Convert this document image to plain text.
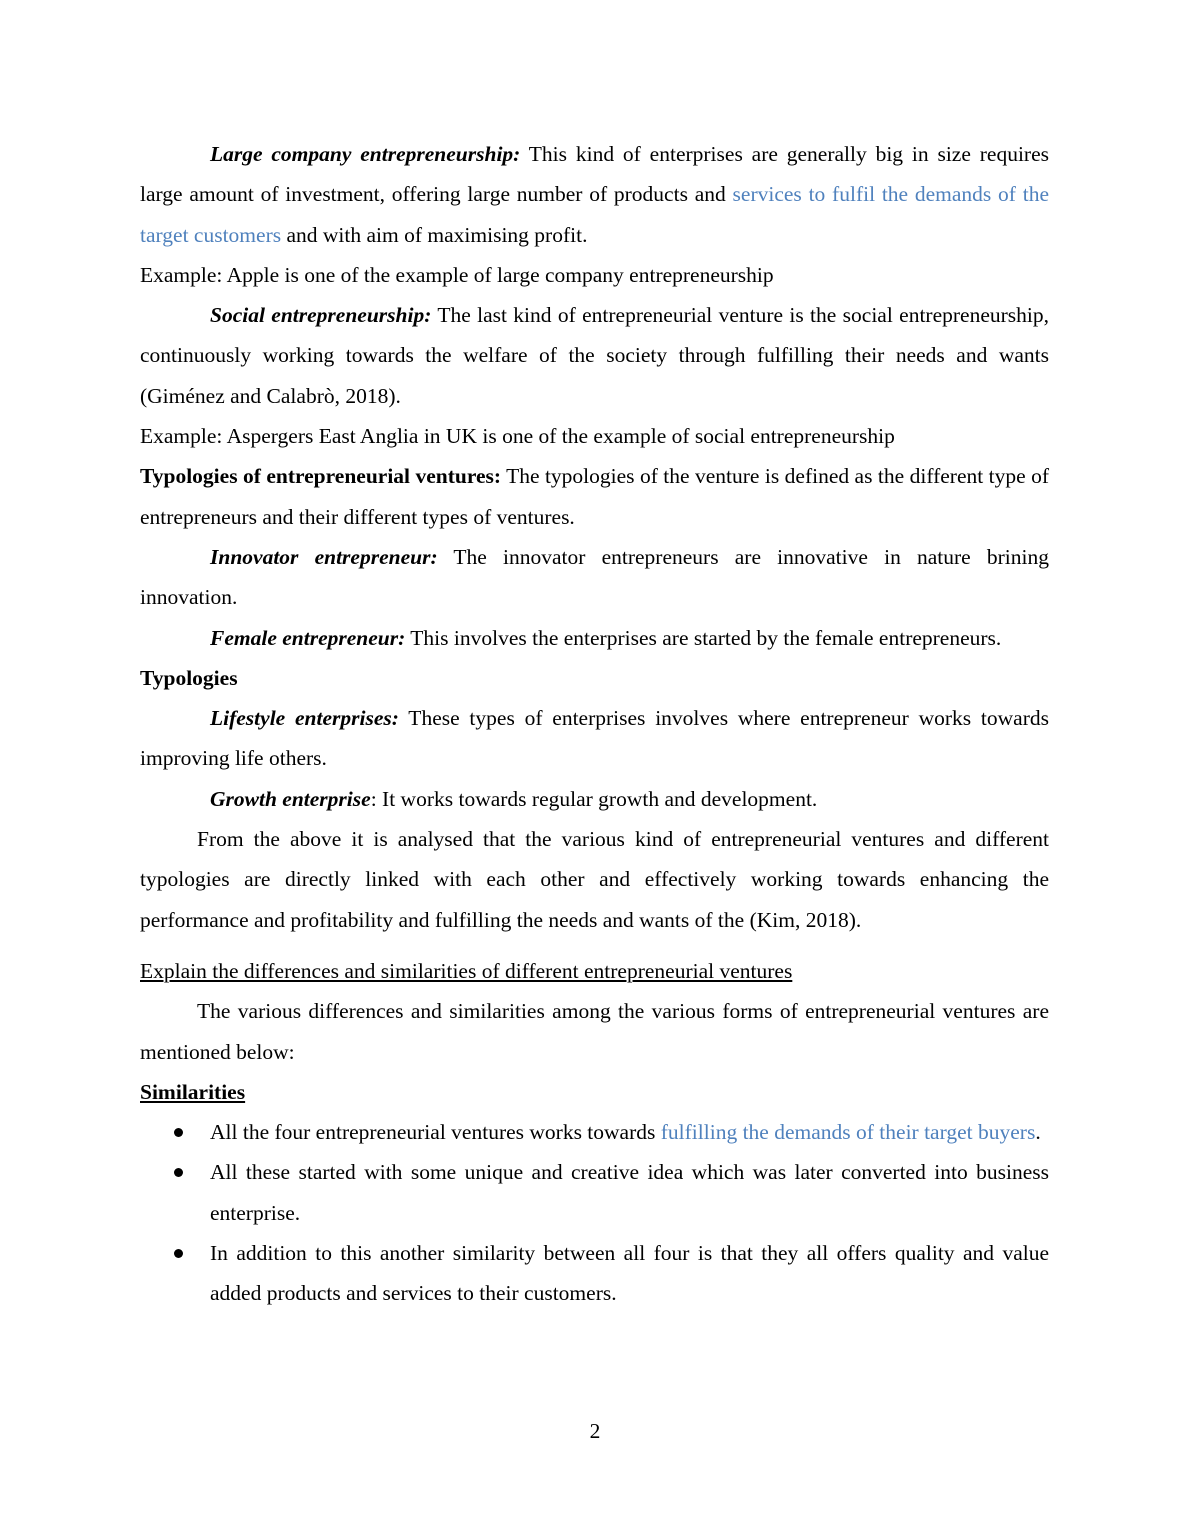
Large company entrepreneurship: This kind of enterprises are generally big in size requires large amount of investment, offering large number of products and services to fulfil the demands of the target customers and with aim of maximising profit.

Example: Apple is one of the example of large company entrepreneurship

Social entrepreneurship: The last kind of entrepreneurial venture is the social entrepreneurship, continuously working towards the welfare of the society through fulfilling their needs and wants (Giménez and Calabrò, 2018).

Example: Aspergers East Anglia in UK is one of the example of social entrepreneurship

Typologies of entrepreneurial ventures: The typologies of the venture is defined as the different type of entrepreneurs and their different types of ventures.

Innovator entrepreneur: The innovator entrepreneurs are innovative in nature brining innovation.

Female entrepreneur: This involves the enterprises are started by the female entrepreneurs.

Typologies

Lifestyle enterprises: These types of enterprises involves where entrepreneur works towards improving life others.

Growth enterprise: It works towards regular growth and development.

From the above it is analysed that the various kind of entrepreneurial ventures and different typologies are directly linked with each other and effectively working towards enhancing the performance and profitability and fulfilling the needs and wants of the (Kim, 2018).

Explain the differences and similarities of different entrepreneurial ventures

The various differences and similarities among the various forms of entrepreneurial ventures are mentioned below:

Similarities

All the four entrepreneurial ventures works towards fulfilling the demands of their target buyers.
All these started with some unique and creative idea which was later converted into business enterprise.
In addition to this another similarity between all four is that they all offers quality and value added products and services to their customers.
2
